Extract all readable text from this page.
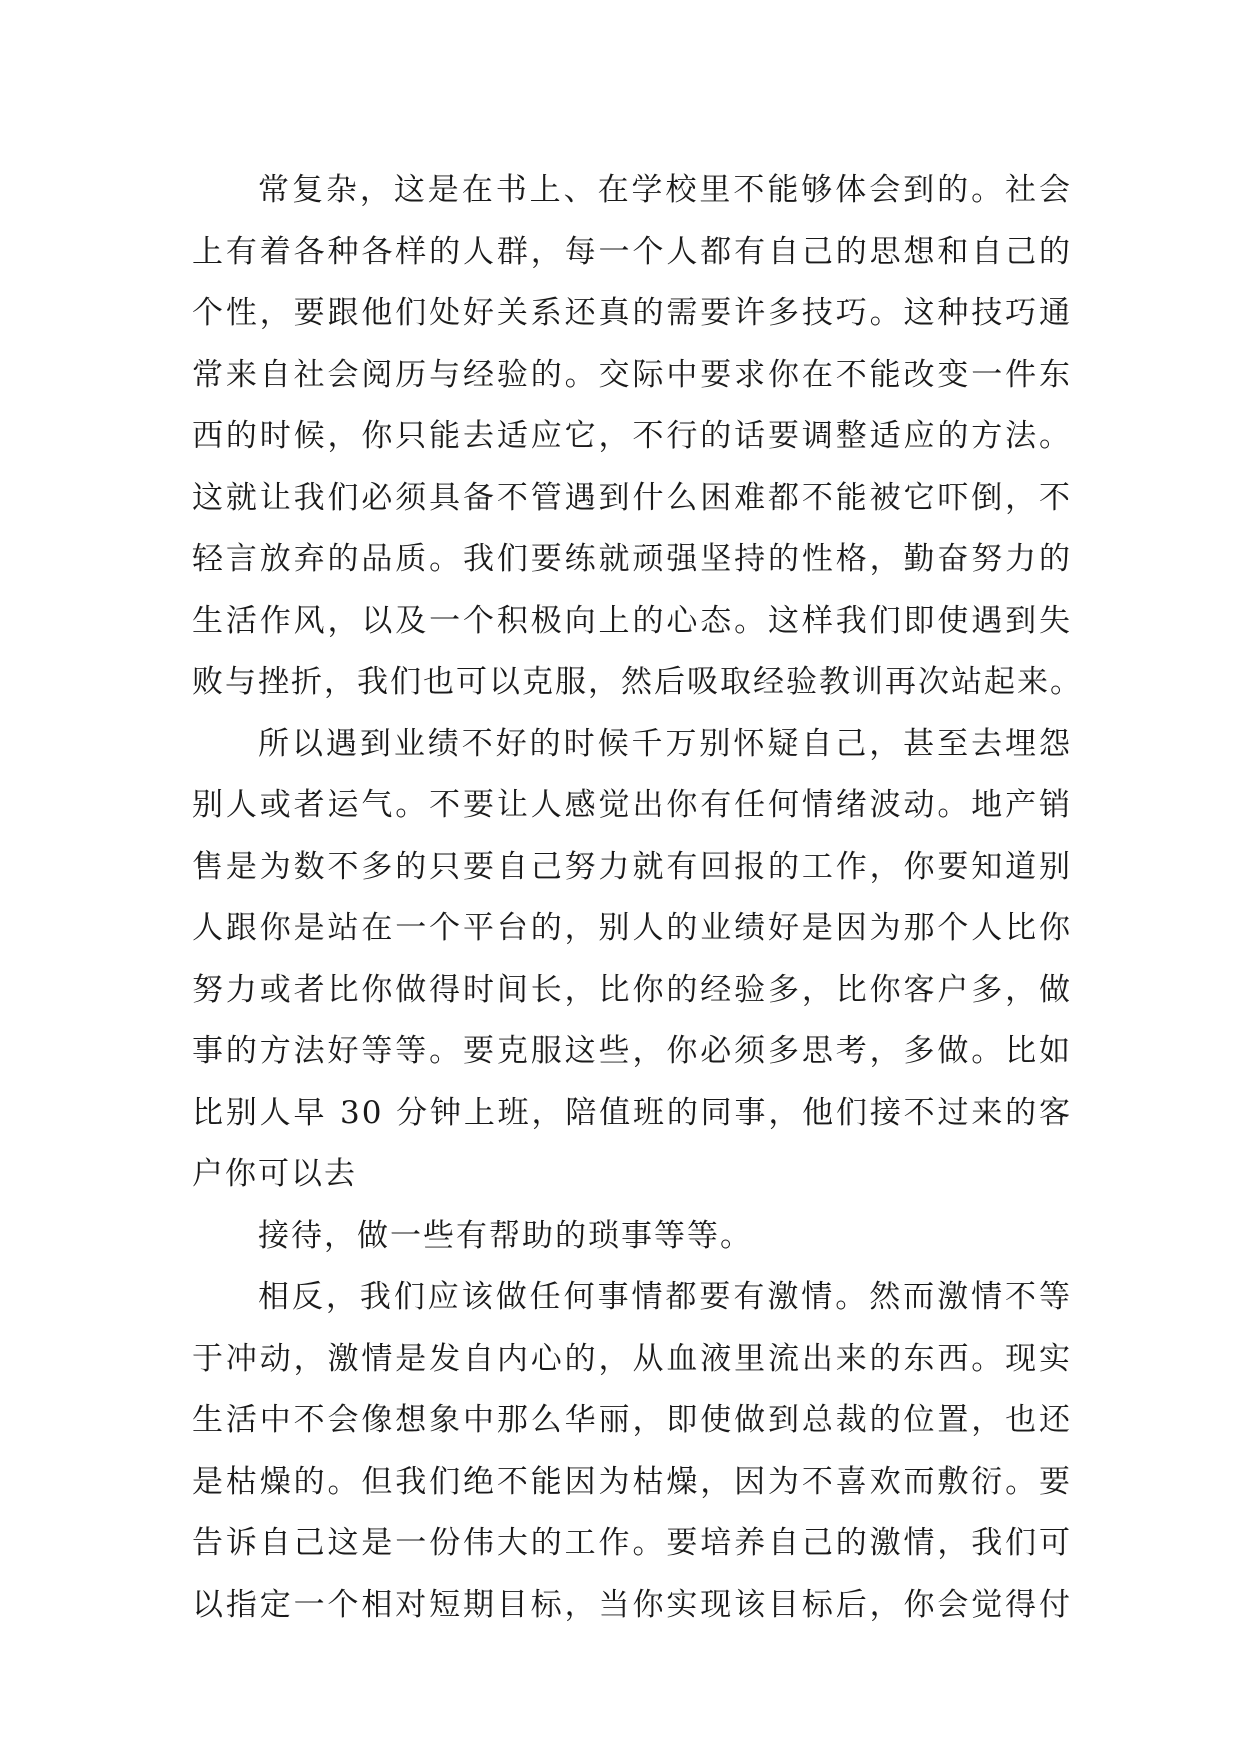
常复杂，这是在书上、在学校里不能够体会到的。社会
上有着各种各样的人群，每一个人都有自己的思想和自己的
个性，要跟他们处好关系还真的需要许多技巧。这种技巧通
常来自社会阅历与经验的。交际中要求你在不能改变一件东
西的时候，你只能去适应它，不行的话要调整适应的方法。
这就让我们必须具备不管遇到什么困难都不能被它吓倒，不
轻言放弃的品质。我们要练就顽强坚持的性格，勤奋努力的
生活作风，以及一个积极向上的心态。这样我们即使遇到失
败与挫折，我们也可以克服，然后吸取经验教训再次站起来。
所以遇到业绩不好的时候千万别怀疑自己，甚至去埋怨
别人或者运气。不要让人感觉出你有任何情绪波动。地产销
售是为数不多的只要自己努力就有回报的工作，你要知道别
人跟你是站在一个平台的，别人的业绩好是因为那个人比你
努力或者比你做得时间长，比你的经验多，比你客户多，做
事的方法好等等。要克服这些，你必须多思考，多做。比如
比别人早 30 分钟上班，陪值班的同事，他们接不过来的客
户你可以去
接待，做一些有帮助的琐事等等。
相反，我们应该做任何事情都要有激情。然而激情不等
于冲动，激情是发自内心的，从血液里流出来的东西。现实
生活中不会像想象中那么华丽，即使做到总裁的位置，也还
是枯燥的。但我们绝不能因为枯燥，因为不喜欢而敷衍。要
告诉自己这是一份伟大的工作。要培养自己的激情，我们可
以指定一个相对短期目标，当你实现该目标后，你会觉得付
